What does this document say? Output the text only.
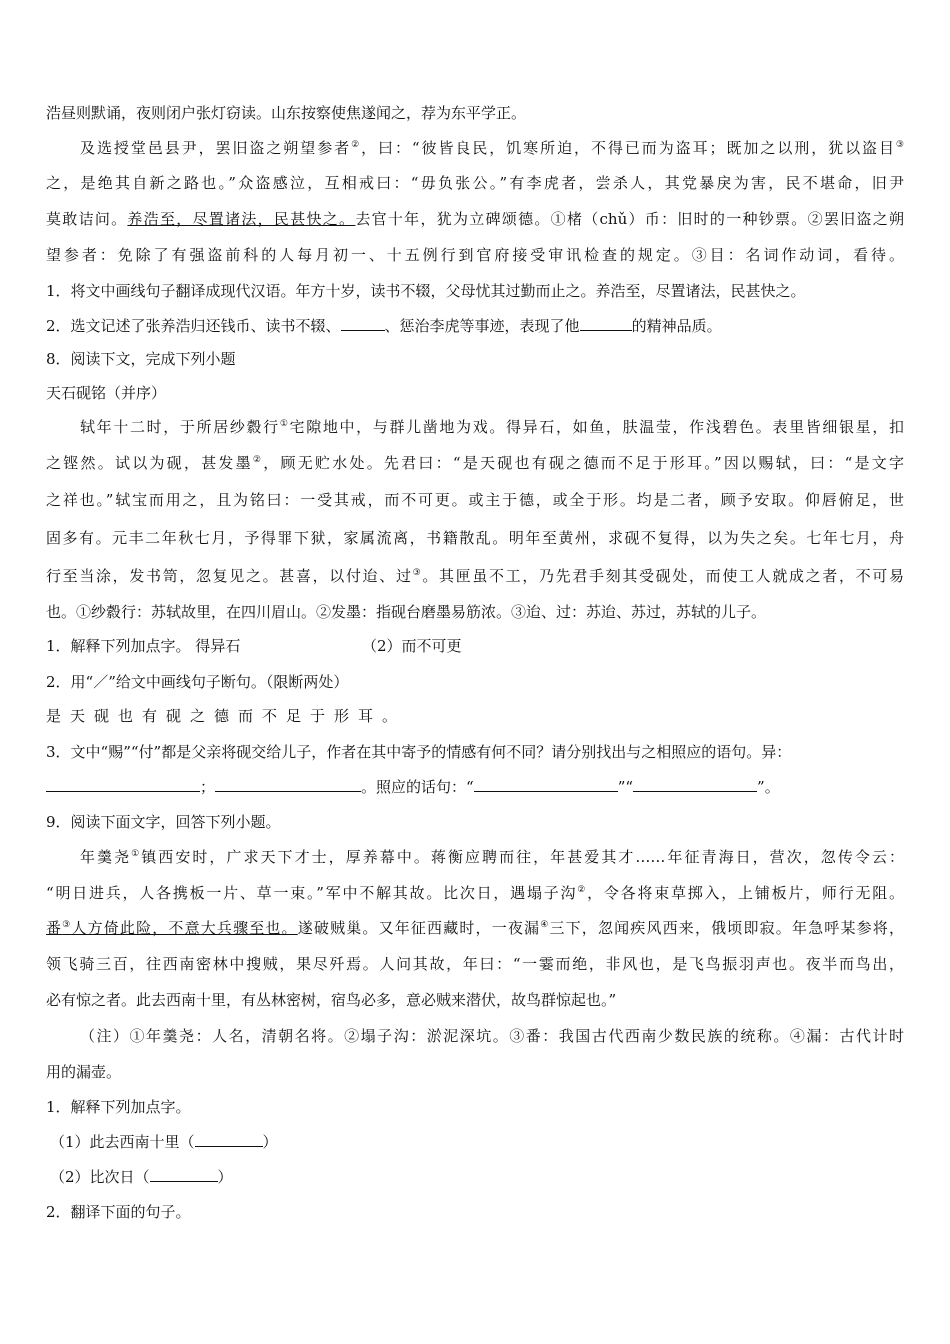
浩昼则默诵，夜则闭户张灯窃读。山东按察使焦遂闻之，荐为东平学正。
及选授堂邑县尹，罢旧盗之朔望参者②，曰：“彼皆良民，饥寒所迫，不得已而为盗耳；既加之以刑，犹以盗目③
之，是绝其自新之路也。”众盗感泣，互相戒曰：“毋负张公。”有李虎者，尝杀人，其党暴戾为害，民不堪命，旧尹
莫敢诘问。养浩至，尽置诸法，民甚快之。去官十年，犹为立碑颂德。①楮（chǔ）币：旧时的一种钞票。②罢旧盗之朔
望参者：免除了有强盗前科的人每月初一、十五例行到官府接受审讯检查的规定。③目：名词作动词，看待。
1．将文中画线句子翻译成现代汉语。年方十岁，读书不辍，父母忧其过勤而止之。养浩至，尽置诸法，民甚快之。
2．选文记述了张养浩归还钱币、读书不辍、	、惩治李虎等事迹，表现了他	的精神品质。
8．阅读下文，完成下列小题
天石砚铭（并序）
轼年十二时，于所居纱縠行①宅隙地中，与群儿凿地为戏。得异石，如鱼，肤温莹，作浅碧色。表里皆细银星，扣
之铿然。试以为砚，甚发墨②，顾无贮水处。先君曰：“是天砚也有砚之德而不足于形耳。”因以赐轼，曰：“是文字
之祥也。”轼宝而用之，且为铭曰：一受其戒，而不可更。或主于德，或全于形。均是二者，顾予安取。仰唇俯足，世
固多有。元丰二年秋七月，予得罪下狱，家属流离，书籍散乱。明年至黄州，求砚不复得，以为失之矣。七年七月，舟
行至当涂，发书笥，忽复见之。甚喜，以付迨、过③。其匣虽不工，乃先君手刻其受砚处，而使工人就成之者，不可易
也。①纱縠行：苏轼故里，在四川眉山。②发墨：指砚台磨墨易筋浓。③迨、过：苏迨、苏过，苏轼的儿子。
1．解释下列加点字。 得异石	（2）而不可更
2．用“／”给文中画线句子断句。（限断两处）
是天砚也有砚之德而不足于形耳。
3．文中“赐”“付”都是父亲将砚交给儿子，作者在其中寄予的情感有何不同？请分别找出与之相照应的语句。异：
；	。照应的话句：“	”“	”。
9．阅读下面文字，回答下列小题。
年羹尧①镇西安时，广求天下才士，厚养幕中。蒋衡应聘而往，年甚爱其才……年征青海日，营次，忽传令云：
“明日进兵，人各携板一片、草一束。”军中不解其故。比次日，遇塌子沟②，令各将束草掷入，上铺板片，师行无阻。
番③人方倚此险，不意大兵骤至也。遂破贼巢。又年征西藏时，一夜漏④三下，忽闻疾风西来，俄顷即寂。年急呼某参将，
领飞骑三百，往西南密林中搜贼，果尽歼焉。人问其故，年曰：“一霎而绝，非风也，是飞鸟振羽声也。夜半而鸟出，
必有惊之者。此去西南十里，有丛林密树，宿鸟必多，意必贼来潜伏，故鸟群惊起也。”
（注）①年羹尧：人名，清朝名将。②塌子沟：淤泥深坑。③番：我国古代西南少数民族的统称。④漏：古代计时
用的漏壶。
1．解释下列加点字。
（1）此去西南十里（	）
（2）比次日（	）
2．翻译下面的句子。
